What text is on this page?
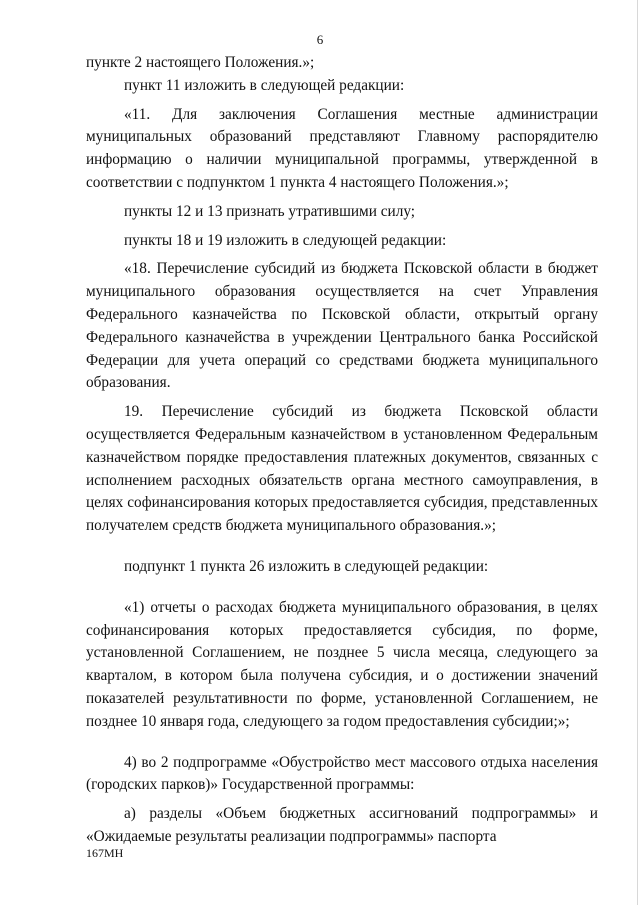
6

пункте 2 настоящего Положения.»;

пункт 11 изложить в следующей редакции:

«11. Для заключения Соглашения местные администрации муниципальных образований представляют Главному распорядителю информацию о наличии муниципальной программы, утвержденной в соответствии с подпунктом 1 пункта 4 настоящего Положения.»;

пункты 12 и 13 признать утратившими силу;

пункты 18 и 19 изложить в следующей редакции:

«18. Перечисление субсидий из бюджета Псковской области в бюджет муниципального образования осуществляется на счет Управления Федерального казначейства по Псковской области, открытый органу Федерального казначейства в учреждении Центрального банка Российской Федерации для учета операций со средствами бюджета муниципального образования.

19. Перечисление субсидий из бюджета Псковской области осуществляется Федеральным казначейством в установленном Федеральным казначейством порядке предоставления платежных документов, связанных с исполнением расходных обязательств органа местного самоуправления, в целях софинансирования которых предоставляется субсидия, представленных получателем средств бюджета муниципального образования.»;

подпункт 1 пункта 26 изложить в следующей редакции:

«1) отчеты о расходах бюджета муниципального образования, в целях софинансирования которых предоставляется субсидия, по форме, установленной Соглашением, не позднее 5 числа месяца, следующего за кварталом, в котором была получена субсидия, и о достижении значений показателей результативности по форме, установленной Соглашением, не позднее 10 января года, следующего за годом предоставления субсидии;»;

4) во 2 подпрограмме «Обустройство мест массового отдыха населения (городских парков)» Государственной программы:

а) разделы «Объем бюджетных ассигнований подпрограммы» и «Ожидаемые результаты реализации подпрограммы» паспорта

167МН
